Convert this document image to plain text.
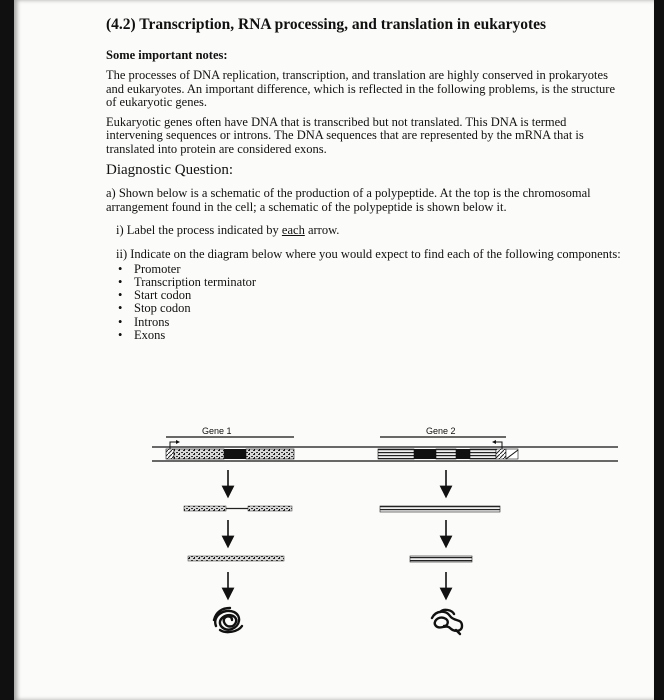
(4.2) Transcription, RNA processing, and translation in eukaryotes
Some important notes:

The processes of DNA replication, transcription, and translation are highly conserved in prokaryotes and eukaryotes. An important difference, which is reflected in the following problems, is the structure of eukaryotic genes.

Eukaryotic genes often have DNA that is transcribed but not translated. This DNA is termed intervening sequences or introns. The DNA sequences that are represented by the mRNA that is translated into protein are considered exons.

Diagnostic Question:

a) Shown below is a schematic of the production of a polypeptide. At the top is the chromosomal arrangement found in the cell; a schematic of the polypeptide is shown below it.

i) Label the process indicated by each arrow.

ii) Indicate on the diagram below where you would expect to find each of the following components:

• Promoter
• Transcription terminator
• Start codon
• Stop codon
• Introns
• Exons
Gene 1	Gene 2
